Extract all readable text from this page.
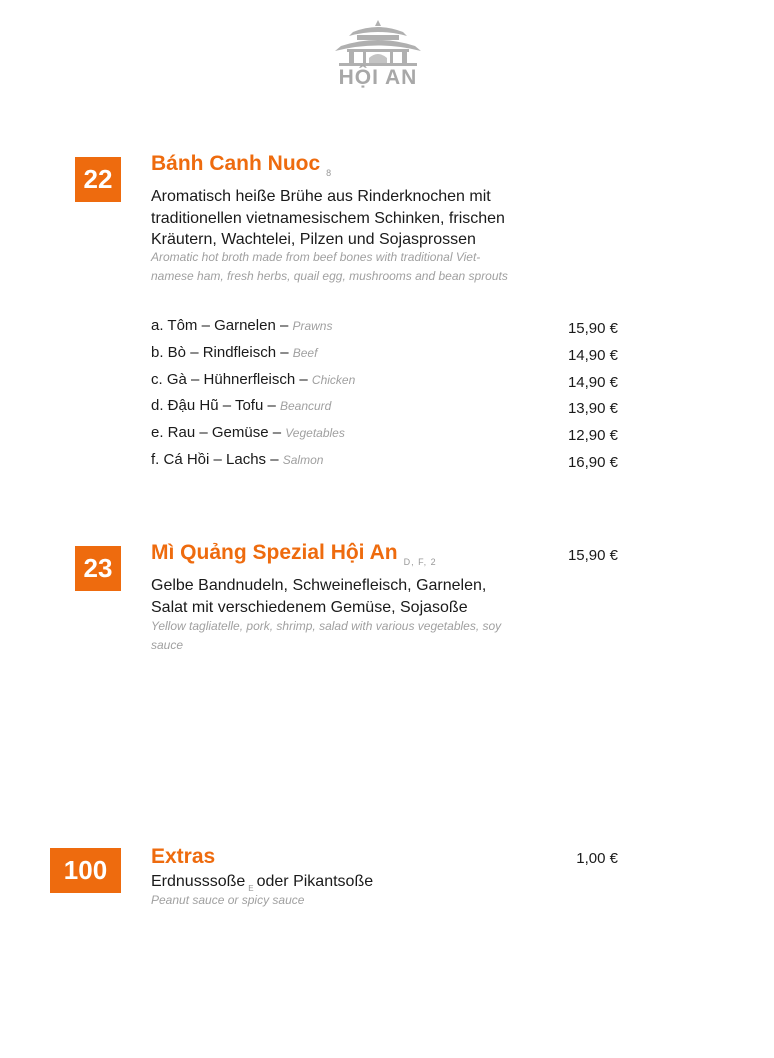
HỘI AN
22
Bánh Canh Nuoc $_8$
Aromatisch heiße Brühe aus Rinderknochen mit
traditionellen vietnamesischem Schinken, frischen
Kräutern, Wachtelei, Pilzen und Sojasprossen
Aromatic hot broth made from beef bones with traditional Viet-
namese ham, fresh herbs, quail egg, mushrooms and bean sprouts
a. Tôm – Garnelen – Prawns	15,90 €
b. Bò – Rindfleisch – Beef	14,90 €
c. Gà – Hühnerfleisch – Chicken	14,90 €
d. Đậu Hũ – Tofu – Beancurd	13,90 €
e. Rau – Gemüse – Vegetables	12,90 €
f. Cá Hồi – Lachs – Salmon	16,90 €
23
Mì Quảng Spezial Hội An $_{D, F, 2}$	15,90 €
Gelbe Bandnudeln, Schweinefleisch, Garnelen,
Salat mit verschiedenem Gemüse, Sojasoße
Yellow tagliatelle, pork, shrimp, salad with various vegetables, soy
sauce
100	Extras	1,00 €
Erdnusssoße $_E$ oder Pikantsoße
Peanut sauce or spicy sauce
